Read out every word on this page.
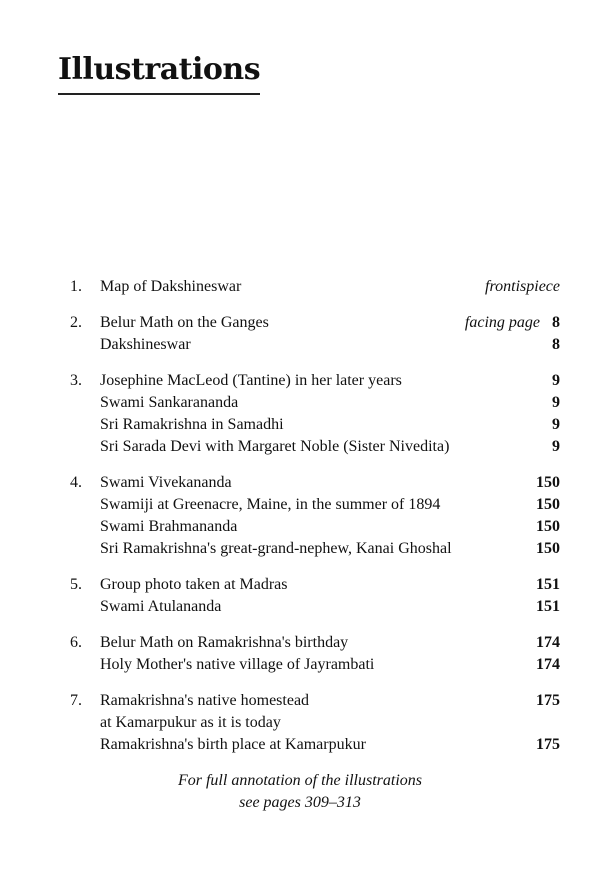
Illustrations
1.	Map of Dakshineswar	frontispiece
2.	Belur Math on the Ganges	facing page 8
Dakshineswar	8
3.	Josephine MacLeod (Tantine) in her later years	9
Swami Sankarananda	9
Sri Ramakrishna in Samadhi	9
Sri Sarada Devi with Margaret Noble (Sister Nivedita)	9
4.	Swami Vivekananda	150
Swamiji at Greenacre, Maine, in the summer of 1894	150
Swami Brahmananda	150
Sri Ramakrishna's great-grand-nephew, Kanai Ghoshal	150
5.	Group photo taken at Madras	151
Swami Atulananda	151
6.	Belur Math on Ramakrishna's birthday	174
Holy Mother's native village of Jayrambati	174
7.	Ramakrishna's native homestead	175
at Kamarpukur as it is today
Ramakrishna's birth place at Kamarpukur	175
For full annotation of the illustrations
see pages 309–313
